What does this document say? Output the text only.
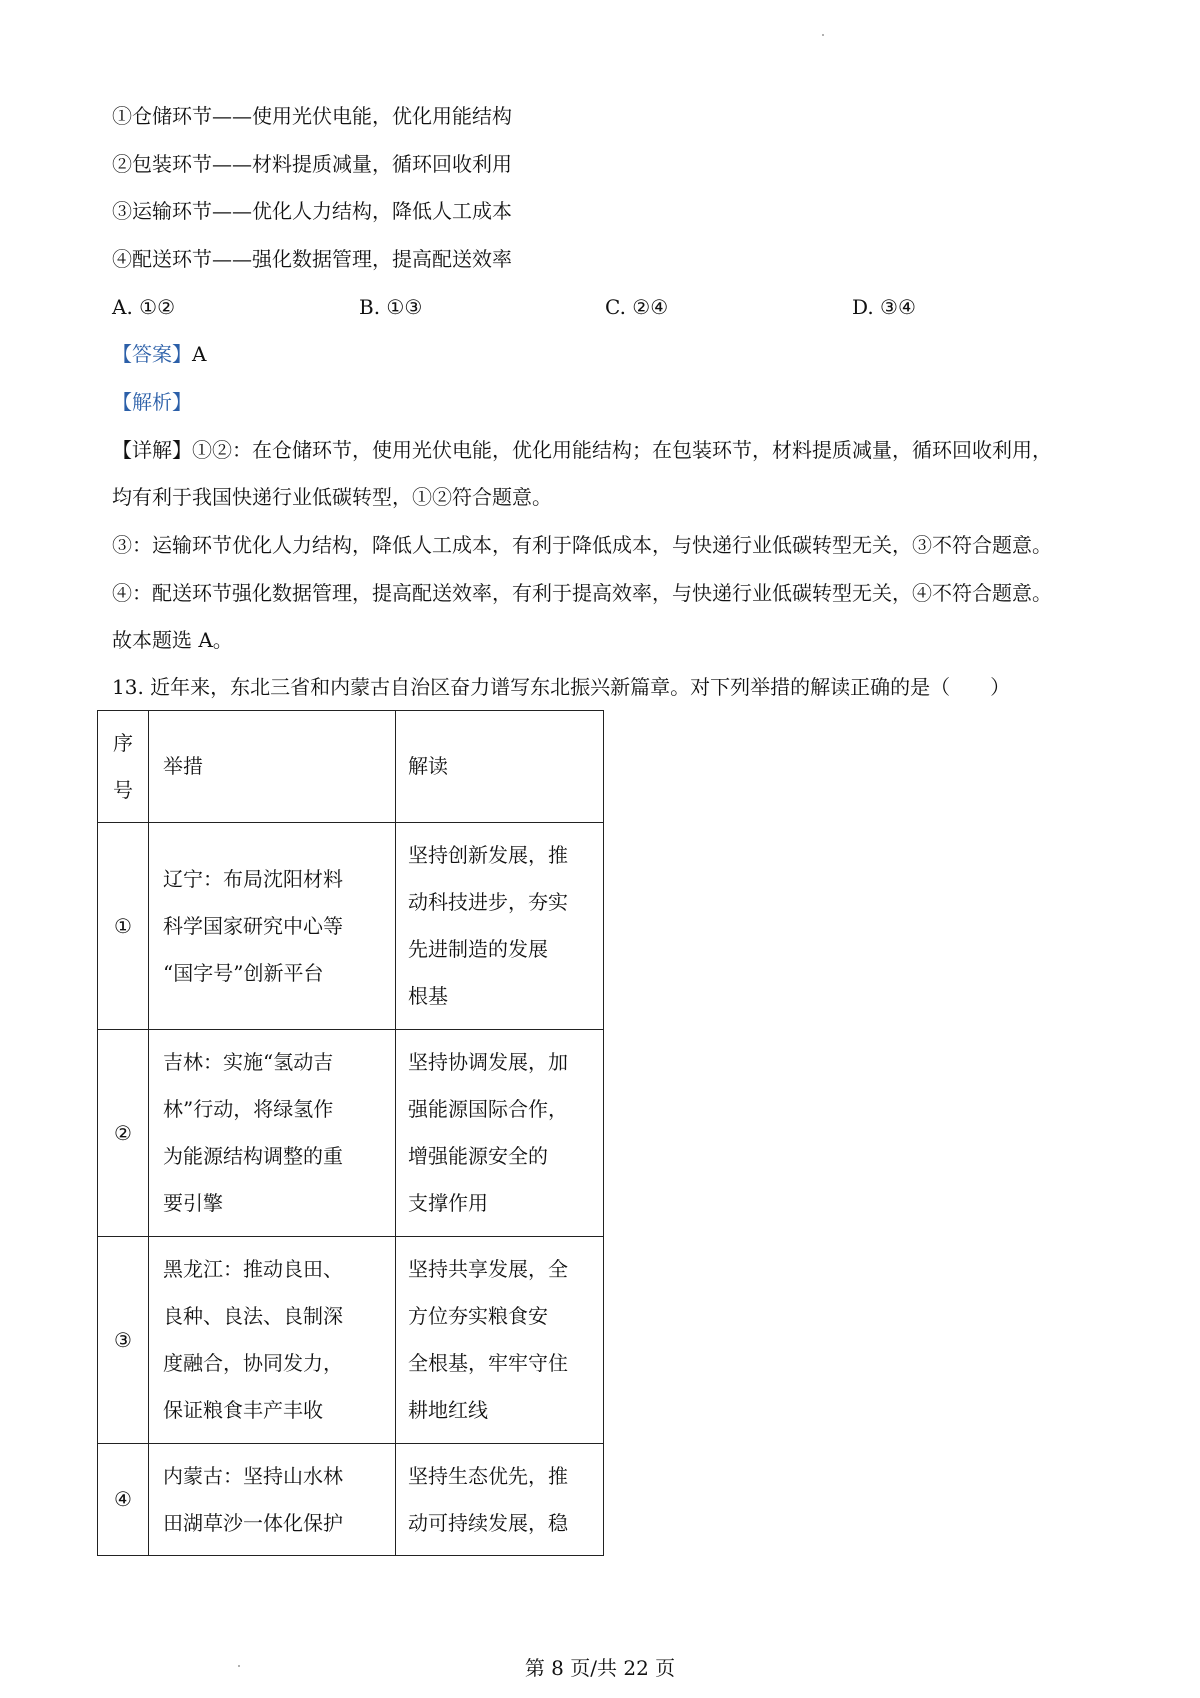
①仓储环节——使用光伏电能，优化用能结构
②包装环节——材料提质减量，循环回收利用
③运输环节——优化人力结构，降低人工成本
④配送环节——强化数据管理，提高配送效率
A. ①②	B. ①③	C. ②④	D. ③④
【答案】A
【解析】
【详解】①②：在仓储环节，使用光伏电能，优化用能结构；在包装环节，材料提质减量，循环回收利用，
均有利于我国快递行业低碳转型，①②符合题意。
③：运输环节优化人力结构，降低人工成本，有利于降低成本，与快递行业低碳转型无关，③不符合题意。
④：配送环节强化数据管理，提高配送效率，有利于提高效率，与快递行业低碳转型无关，④不符合题意。
故本题选 A。
13. 近年来，东北三省和内蒙古自治区奋力谱写东北振兴新篇章。对下列举措的解读正确的是（　　）
序号	举措	解读

①	辽宁：布局沈阳材料
科学国家研究中心等
“国字号”创新平台	坚持创新发展，推
动科技进步，夯实
先进制造的发展
根基

②	吉林：实施“氢动吉
林”行动，将绿氢作
为能源结构调整的重
要引擎	坚持协调发展，加
强能源国际合作，
增强能源安全的
支撑作用

③	黑龙江：推动良田、
良种、良法、良制深
度融合，协同发力，
保证粮食丰产丰收	坚持共享发展，全
方位夯实粮食安
全根基，牢牢守住
耕地红线

④	内蒙古：坚持山水林
田湖草沙一体化保护	坚持生态优先，推
动可持续发展，稳
第 8 页/共 22 页
